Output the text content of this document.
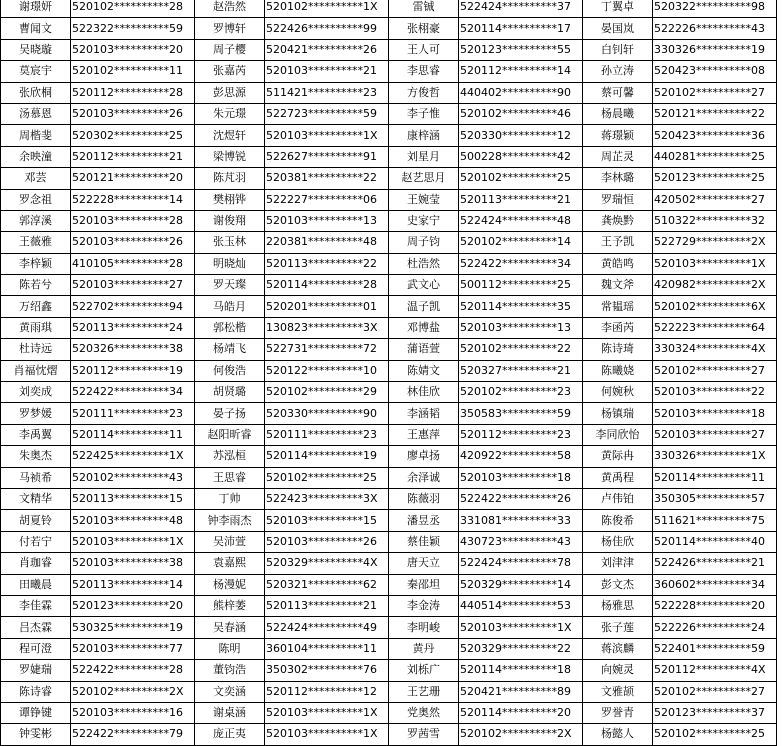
谢璟妍	520102**********28	赵浩然	520102**********1X	雷铖	522424**********37	丁翼卓	520322**********98
曹闻文	522322**********59	罗博轩	522426**********99	张栩豪	520114**********17	晏国岚	522226**********43
吴晓璇	520103**********20	周子樱	520421**********26	王人可	520123**********55	白钊轩	330326**********19
莫宸宇	520102**********11	张嘉芮	520103**********21	李思睿	520112**********14	孙立涛	520423**********08
张欣桐	520112**********28	彭思源	511421**********23	方俊哲	440402**********90	蔡可馨	520102**********27
汤慕恩	520103**********26	朱元璟	522723**********59	李子惟	520102**********46	杨晨曦	520121**********22
周楷斐	520302**********25	沈煜轩	520103**********1X	康梓涵	520330**********12	蒋璟颖	520423**********36
余映潼	520112**********21	梁博锐	522627**********91	刘星月	500228**********42	周芷灵	440281**********25
邓芸	520121**********20	陈芃羽	520381**********22	赵艺思月	520102**********25	李林璐	520123**********25
罗念祖	522228**********14	樊栩铧	522227**********06	王婉莹	520113**********21	罗瑞恒	420502**********27
郭淳溪	520103**********28	谢俊翔	520103**********13	史家宁	522424**********48	龚焕黔	510322**********32
王薇雅	520103**********26	张玉林	220381**********48	周子钧	520102**********14	王予凯	522729**********2X
李梓颖	410105**********28	明晓灿	520113**********22	杜浩然	522422**********34	黄皓鸣	520103**********1X
陈若兮	520103**********27	罗天璨	520114**********28	武文心	500112**********25	魏文斧	420982**********2X
万绍鑫	522702**********94	马皓月	520201**********01	温子凯	520114**********35	常韫瑶	520102**********6X
黄雨琪	520113**********24	郭松楷	130823**********3X	邓博盐	520103**********13	李函芮	522223**********64
杜诗远	520326**********38	杨靖飞	522731**********72	蒲语萱	520102**********22	陈诗琦	330324**********4X
肖福忱熠	520112**********19	何俊浩	520122**********10	陈婧文	520327**********21	陈曦娆	520102**********27
刘奕成	522422**********34	胡贤璐	520102**********29	林佳欣	520102**********23	何婉秋	520103**********22
罗梦媛	520111**********23	晏子扬	520330**********90	李涵韬	350583**********59	杨镇瑞	520103**********18
李禹翼	520114**********11	赵阳昕睿	520111**********23	王惠萍	520112**********23	李同欣怡	520103**********27
朱奥杰	522425**********1X	苏泓桓	520114**********19	廖卓扬	420922**********58	黄际冉	330326**********1X
马祯希	520102**********43	王思睿	520102**********25	余泽诚	520103**********18	黄禹程	520114**********11
文精华	520113**********15	丁帅	522423**********3X	陈薇羽	522422**********26	卢伟铂	350305**********57
胡夏铃	520103**********48	钟李雨杰	520103**********15	潘昱丞	331081**********33	陈俊希	511621**********75
付若宁	520103**********1X	吴沛萱	520103**********26	蔡佳颖	430723**********43	杨佳欣	520114**********40
肖珈睿	520103**********38	袁嘉熙	520329**********4X	唐天立	522424**********78	刘津津	522426**********21
田曦晨	520113**********14	杨漫妮	520321**********62	秦邵坦	520329**********14	彭文杰	360602**********34
李佳霖	520123**********20	熊梓萎	520113**********21	李金涛	440514**********53	杨雅思	522228**********20
吕杰霖	530325**********19	吴春涵	522424**********49	李明峻	520103**********1X	张子莲	522226**********24
程可澄	520103**********77	陈明	360104**********11	黄丹	520329**********22	蒋滨麟	522401**********59
罗婕瑞	522422**********28	董钧浩	350302**********76	刘栎广	520114**********18	向婉灵	520112**********4X
陈诗睿	520102**********2X	文奕涵	520112**********12	王艺珊	520421**********89	文雅颉	520102**********27
谭铮键	520103**********16	谢桌涵	520103**********1X	党奥然	520114**********20	罗誉青	520123**********37
钟雯彬	522422**********79	庞正夷	520103**********1X	罗茜雪	520102**********2X	杨懿人	520102**********25
